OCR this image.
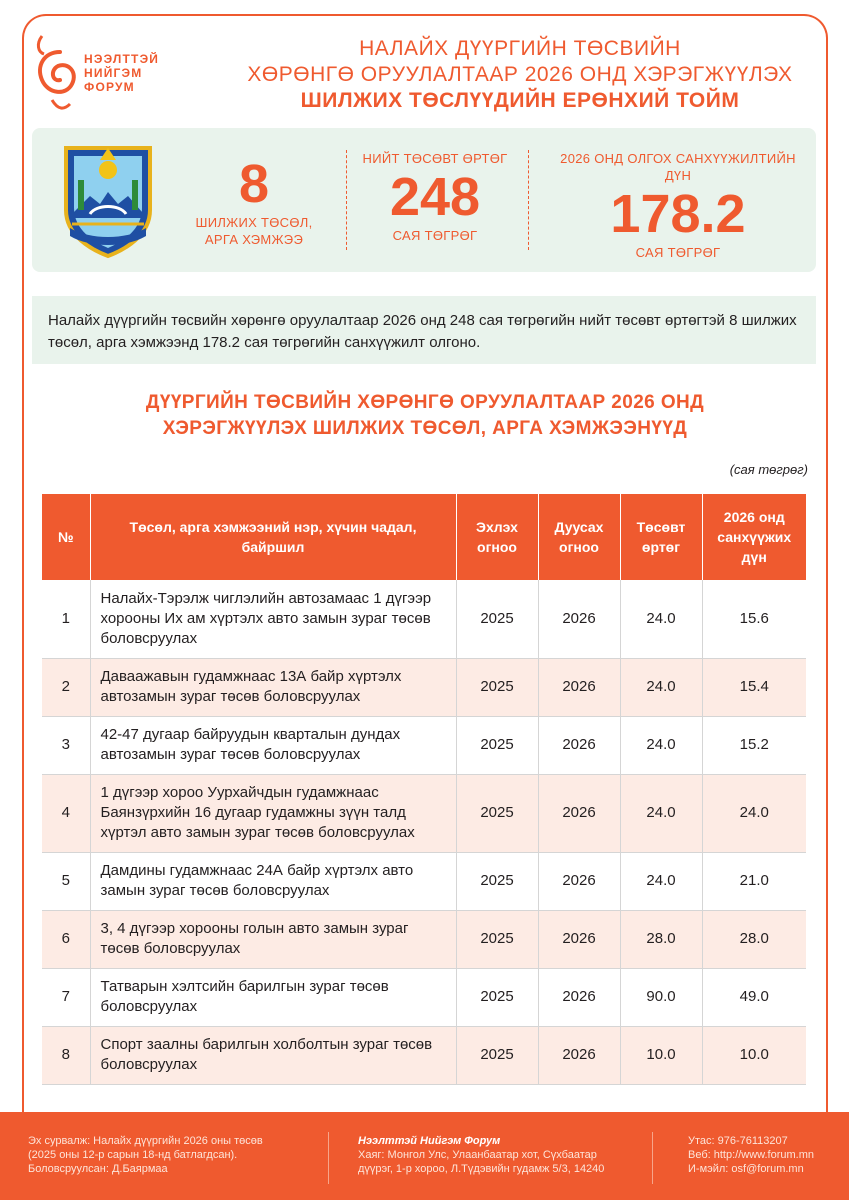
НЭЭЛТТЭЙ
НИЙГЭМ
ФОРУМ
НАЛАЙХ ДҮҮРГИЙН ТӨСВИЙН
ХӨРӨНГӨ ОРУУЛАЛТААР 2026 ОНД ХЭРЭГЖҮҮЛЭХ
ШИЛЖИХ ТӨСЛҮҮДИЙН ЕРӨНХИЙ ТОЙМ
8
ШИЛЖИХ ТӨСӨЛ,
АРГА ХЭМЖЭЭ
НИЙТ ТӨСӨВТ ӨРТӨГ
248
САЯ ТӨГРӨГ
2026 ОНД ОЛГОХ САНХҮҮЖИЛТИЙН ДҮН
178.2
САЯ ТӨГРӨГ
Налайх дүүргийн төсвийн хөрөнгө оруулалтаар 2026 онд 248 сая төгрөгийн нийт төсөвт өртөгтэй 8 шилжих төсөл, арга хэмжээнд 178.2 сая төгрөгийн санхүүжилт олгоно.
ДҮҮРГИЙН ТӨСВИЙН ХӨРӨНГӨ ОРУУЛАЛТААР 2026 ОНД
ХЭРЭГЖҮҮЛЭХ ШИЛЖИХ ТӨСӨЛ, АРГА ХЭМЖЭЭНҮҮД
(сая төгрөг)
№	Төсөл, арга хэмжээний нэр, хүчин чадал, байршил	Эхлэх огноо	Дуусах огноо	Төсөвт өртөг	2026 онд санхүүжих дүн
1	Налайх-Тэрэлж чиглэлийн автозамаас 1 дүгээр хорооны Их ам хүртэлх авто замын зураг төсөв боловсруулах	2025	2026	24.0	15.6
2	Даваажавын гудамжнаас 13А байр хүртэлх автозамын зураг төсөв боловсруулах	2025	2026	24.0	15.4
3	42-47 дугаар байруудын кварталын дундах автозамын зураг төсөв боловсруулах	2025	2026	24.0	15.2
4	1 дүгээр хороо Уурхайчдын гудамжнаас Баянзүрхийн 16 дугаар гудамжны зүүн талд хүртэл авто замын зураг төсөв боловсруулах	2025	2026	24.0	24.0
5	Дамдины гудамжнаас 24А байр хүртэлх авто замын зураг төсөв боловсруулах	2025	2026	24.0	21.0
6	3, 4 дүгээр хорооны голын авто замын зураг төсөв боловсруулах	2025	2026	28.0	28.0
7	Татварын хэлтсийн барилгын зураг төсөв боловсруулах	2025	2026	90.0	49.0
8	Спорт заалны барилгын холболтын зураг төсөв боловсруулах	2025	2026	10.0	10.0
Эх сурвалж: Налайх дүүргийн 2026 оны төсөв
(2025 оны 12-р сарын 18-нд батлагдсан).
Боловсруулсан: Д.Баярмаа
Нээлттэй Нийгэм Форум
Хаяг: Монгол Улс, Улаанбаатар хот, Сүхбаатар
дүүрэг, 1-р хороо, Л.Түдэвийн гудамж 5/3, 14240
Утас: 976-76113207
Веб: http://www.forum.mn
И-мэйл: osf@forum.mn
